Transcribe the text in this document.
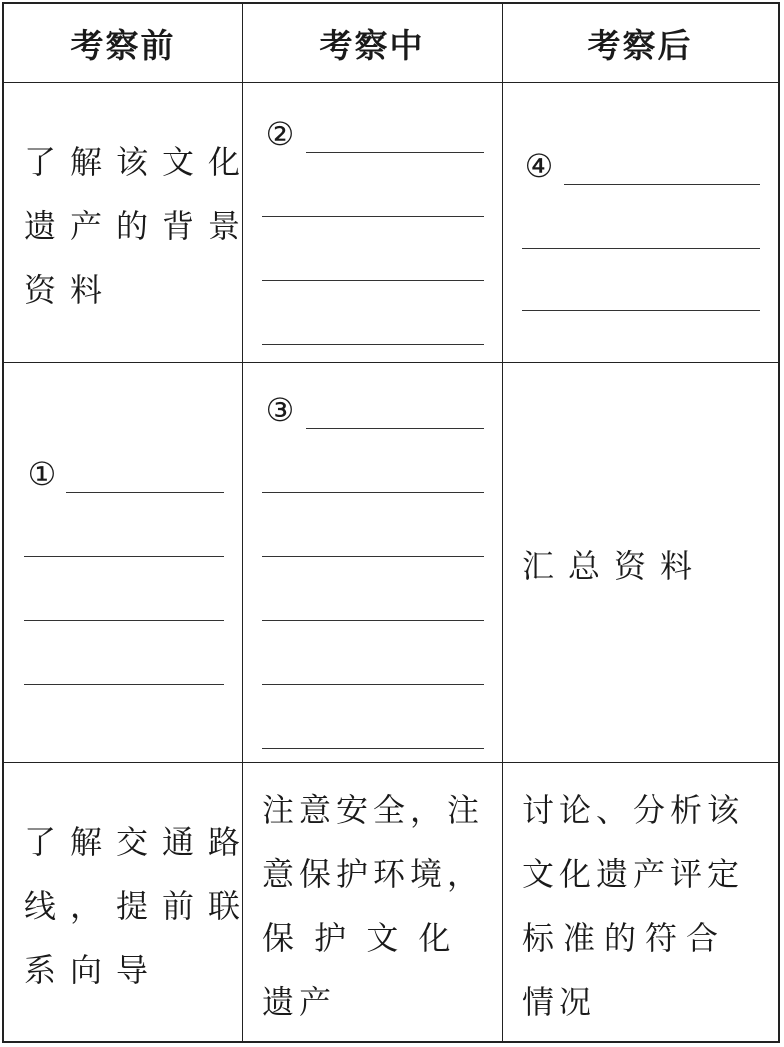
考察前	考察中	考察后
了解该文化
遗产的背景
资料
②
④
①
③
汇总资料
了解交通路
线，提前联
系向导
注意安全，注
意保护环境，
保 护 文 化
遗产
讨论、分析该
文化遗产评定
标准的符合
情况
